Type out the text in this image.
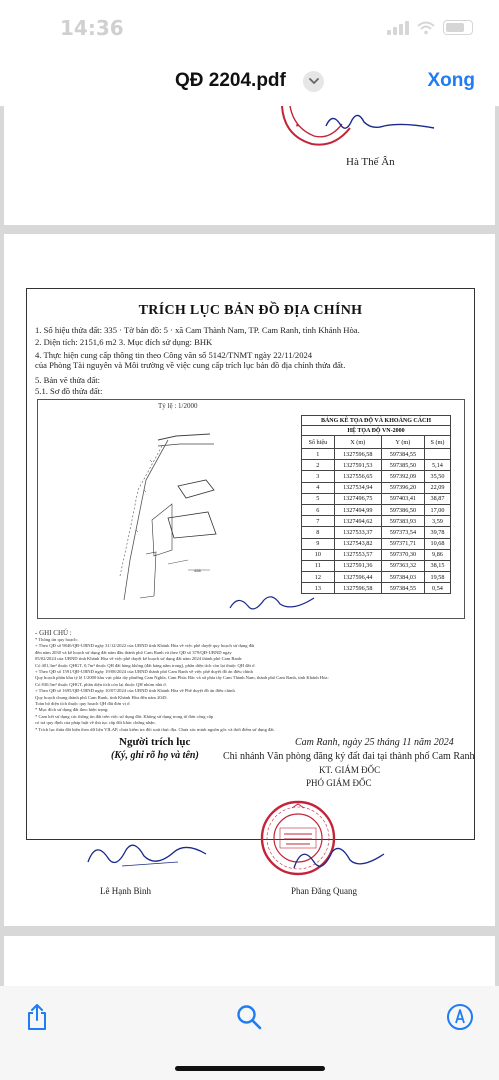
14:36
QĐ 2204.pdf	Xong
✦
Hà Thế Ân
TRÍCH LỤC BẢN ĐỒ ĐỊA CHÍNH
1. Số hiệu thửa đất: 335 · Tờ bản đồ: 5 · xã Cam Thành Nam, TP. Cam Ranh, tỉnh Khánh Hòa.
2. Diện tích: 2151,6 m2 3. Mục đích sử dụng: BHK
4. Thực hiện cung cấp thông tin theo Công văn số 5142/TNMT ngày 22/11/2024
của Phòng Tài nguyên và Môi trường về việc cung cấp trích lục bản đồ địa chính thửa đất.
5. Bản vẽ thửa đất:
5.1. Sơ đồ thửa đất:
Tỷ lệ : 1/2000
458
BẢNG KÊ TỌA ĐỘ VÀ KHOẢNG CÁCH			
HỆ TỌA ĐỘ VN-2000			
Số hiệu	X (m)	Y (m)	S (m)
1	1327596,58	597384,55	
2	1327591,53	597385,50	5,14
3	1327556,65	597392,09	35,50
4	1327534,94	597396,20	22,09
5	1327496,75	597403,41	38,87
6	1327494,99	597386,50	17,00
7	1327494,62	597383,93	3,59
8	1327533,37	597373,54	39,78
9	1327543,82	597371,71	10,68
10	1327553,57	597370,30	9,86
11	1327591,36	597363,32	38,15
12	1327596,44	597384,03	19,58
13	1327596,58	597384,55	0,54
- GHI CHÚ :
* Thông tin quy hoạch:
+ Theo QĐ số 9840/QĐ-UBND ngày 31/12/2022 của UBND tỉnh Khánh Hòa về việc phê duyệt quy hoạch sử dụng đất
đến năm 2030 và kế hoạch sử dụng đất năm đầu thành phố Cam Ranh và theo QĐ số 379/QĐ-UBND ngày
05/02/2024 của UBND tỉnh Khánh Hòa về việc phê duyệt kế hoạch sử dụng đất năm 2024 thành phố Cam Ranh:
Có 401,3m² thuộc QHGT, 0,7m² thuộc QH đất hàng không (đất bảng nằm trong), phần diện tích còn lại thuộc QH đất ở.
+ Theo QĐ số 1591/QĐ-UBND ngày 19/08/2024 của UBND thành phố Cam Ranh về việc phê duyệt đồ án điều chỉnh
Quy hoạch phân khu tỷ lệ 1/2000 khu vực phía tây phường Cam Nghĩa, Cam Phúc Bắc và xã phía tây Cam Thành Nam, thành phố Cam Ranh, tỉnh Khánh Hòa:
Có 830,5m² thuộc QHGT, phần diện tích còn lại thuộc QH nhóm nhà ở.
+ Theo QĐ số 1695/QĐ-UBND ngày 10/07/2024 của UBND tỉnh Khánh Hòa về Phê duyệt đồ án điều chỉnh
Quy hoạch chung thành phố Cam Ranh, tỉnh Khánh Hòa đến năm 2045:
Toàn bộ diện tích thuộc quy hoạch QH đất đơn vị ở.
* Mục đích sử dụng đất theo hiện trạng:
* Cam kết sử dụng các thông tin đất trên việc sử dụng đất: Không sử dụng trong tờ đơn công cấp
có trả quy định của pháp luật về thủ tục cấp đổi khác chứng nhận.
* Trích lục thửa đất hiện theo dữ liệu VILAP, chưa kiểm tra đối soát thực địa. Chưa xác minh nguồn gốc và thời điểm sử dụng đất.
Cam Ranh, ngày 25 tháng 11 năm 2024
Chi nhánh Văn phòng đăng ký đất đai tại thành phố Cam Ranh
KT. GIÁM ĐỐC
PHÓ GIÁM ĐỐC
Người trích lục
(Ký, ghi rõ họ và tên)
Lê Hạnh Bình	Phan Đăng Quang
